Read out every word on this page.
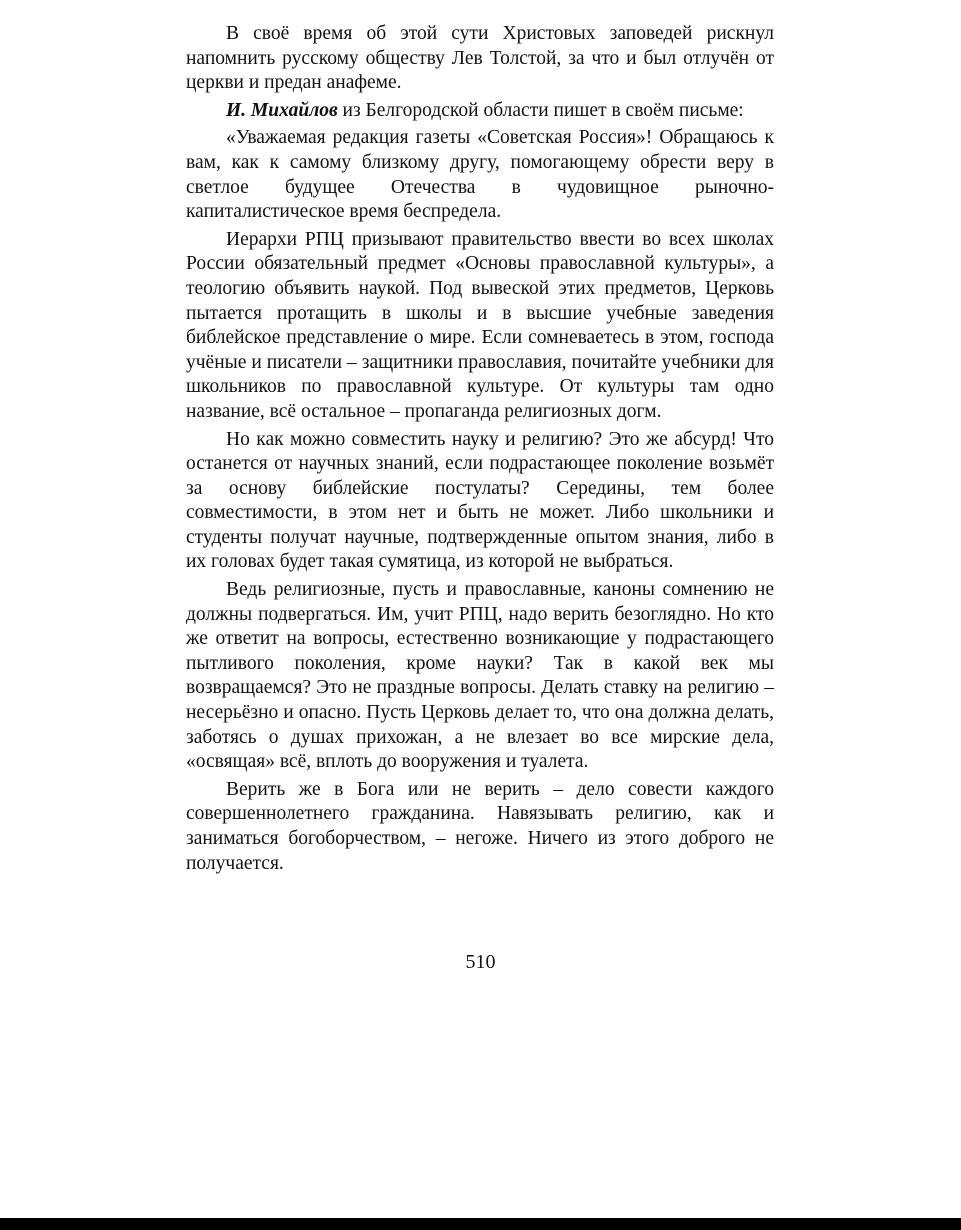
В своё время об этой сути Христовых заповедей рискнул напомнить русскому обществу Лев Толстой, за что и был отлучён от церкви и предан анафеме.

И. Михайлов из Белгородской области пишет в своём письме:

«Уважаемая редакция газеты «Советская Россия»! Обращаюсь к вам, как к самому близкому другу, помогающему обрести веру в светлое будущее Отечества в чудовищное рыночно-капиталистическое время беспредела.

Иерархи РПЦ призывают правительство ввести во всех школах России обязательный предмет «Основы православной культуры», а теологию объявить наукой. Под вывеской этих предметов, Церковь пытается протащить в школы и в высшие учебные заведения библейское представление о мире. Если сомневаетесь в этом, господа учёные и писатели – защитники православия, почитайте учебники для школьников по православной культуре. От культуры там одно название, всё остальное – пропаганда религиозных догм.

Но как можно совместить науку и религию? Это же абсурд! Что останется от научных знаний, если подрастающее поколение возьмёт за основу библейские постулаты? Середины, тем более совместимости, в этом нет и быть не может. Либо школьники и студенты получат научные, подтвержденные опытом знания, либо в их головах будет такая сумятица, из которой не выбраться.

Ведь религиозные, пусть и православные, каноны сомнению не должны подвергаться. Им, учит РПЦ, надо верить безоглядно. Но кто же ответит на вопросы, естественно возникающие у подрастающего пытливого поколения, кроме науки? Так в какой век мы возвращаемся? Это не праздные вопросы. Делать ставку на религию – несерьёзно и опасно. Пусть Церковь делает то, что она должна делать, заботясь о душах прихожан, а не влезает во все мирские дела, «освящая» всё, вплоть до вооружения и туалета.

Верить же в Бога или не верить – дело совести каждого совершеннолетнего гражданина. Навязывать религию, как и заниматься богоборчеством, – негоже. Ничего из этого доброго не получается.

510
